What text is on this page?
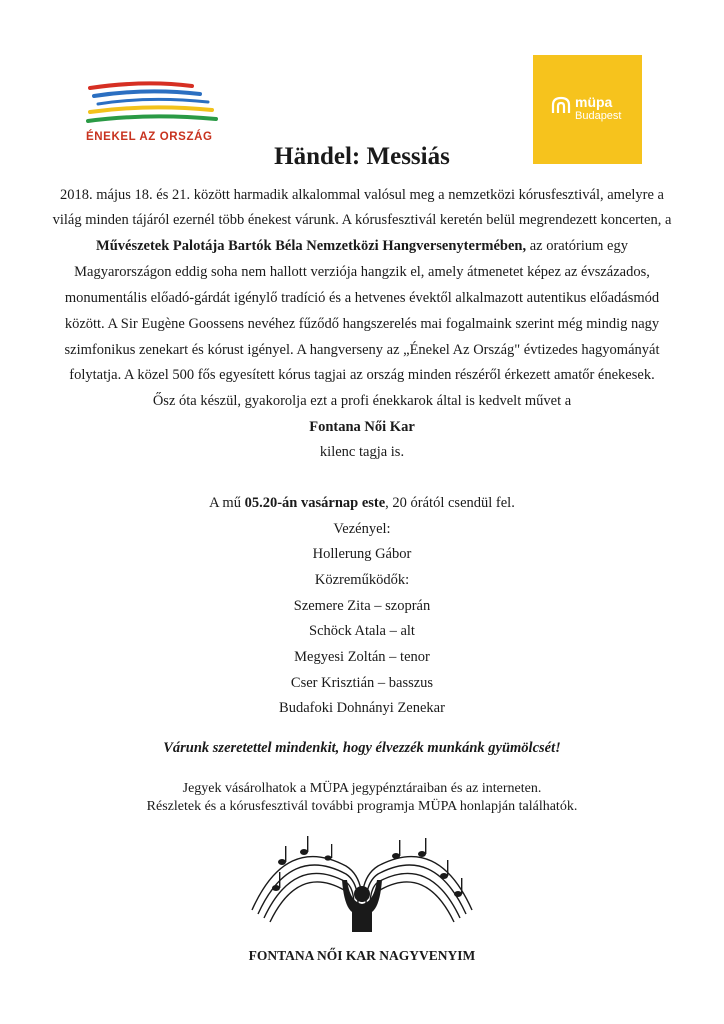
ÉNEKEL AZ ORSZÁG
müpa
Budapest
Händel: Messiás
2018. május 18. és 21. között harmadik alkalommal valósul meg a nemzetközi kórusfesztivál, amelyre a
világ minden tájáról ezernél több énekest várunk. A kórusfesztivál keretén belül megrendezett koncerten, a
Művészetek Palotája Bartók Béla Nemzetközi Hangversenytermében, az oratórium egy
Magyarországon eddig soha nem hallott verziója hangzik el, amely átmenetet képez az évszázados,
monumentális előadó-gárdát igénylő tradíció és a hetvenes évektől alkalmazott autentikus előadásmód
között. A Sir Eugène Goossens nevéhez fűződő hangszerelés mai fogalmaink szerint még mindig nagy
szimfonikus zenekart és kórust igényel. A hangverseny az „Énekel Az Ország" évtizedes hagyományát
folytatja. A közel 500 fős egyesített kórus tagjai az ország minden részéről érkezett amatőr énekesek.
Ősz óta készül, gyakorolja ezt a profi énekkarok által is kedvelt művet a
Fontana Női Kar
kilenc tagja is.
A mű 05.20-án vasárnap este, 20 órától csendül fel.
Vezényel:
Hollerung Gábor
Közreműködők:
Szemere Zita – szoprán
Schöck Atala – alt
Megyesi Zoltán – tenor
Cser Krisztián – basszus
Budafoki Dohnányi Zenekar
Várunk szeretettel mindenkit, hogy élvezzék munkánk gyümölcsét!
Jegyek vásárolhatok a MÜPA jegypénztáraiban és az interneten.
Részletek és a kórusfesztivál további programja MÜPA honlapján találhatók.
FONTANA NŐI KAR NAGYVENYIM
